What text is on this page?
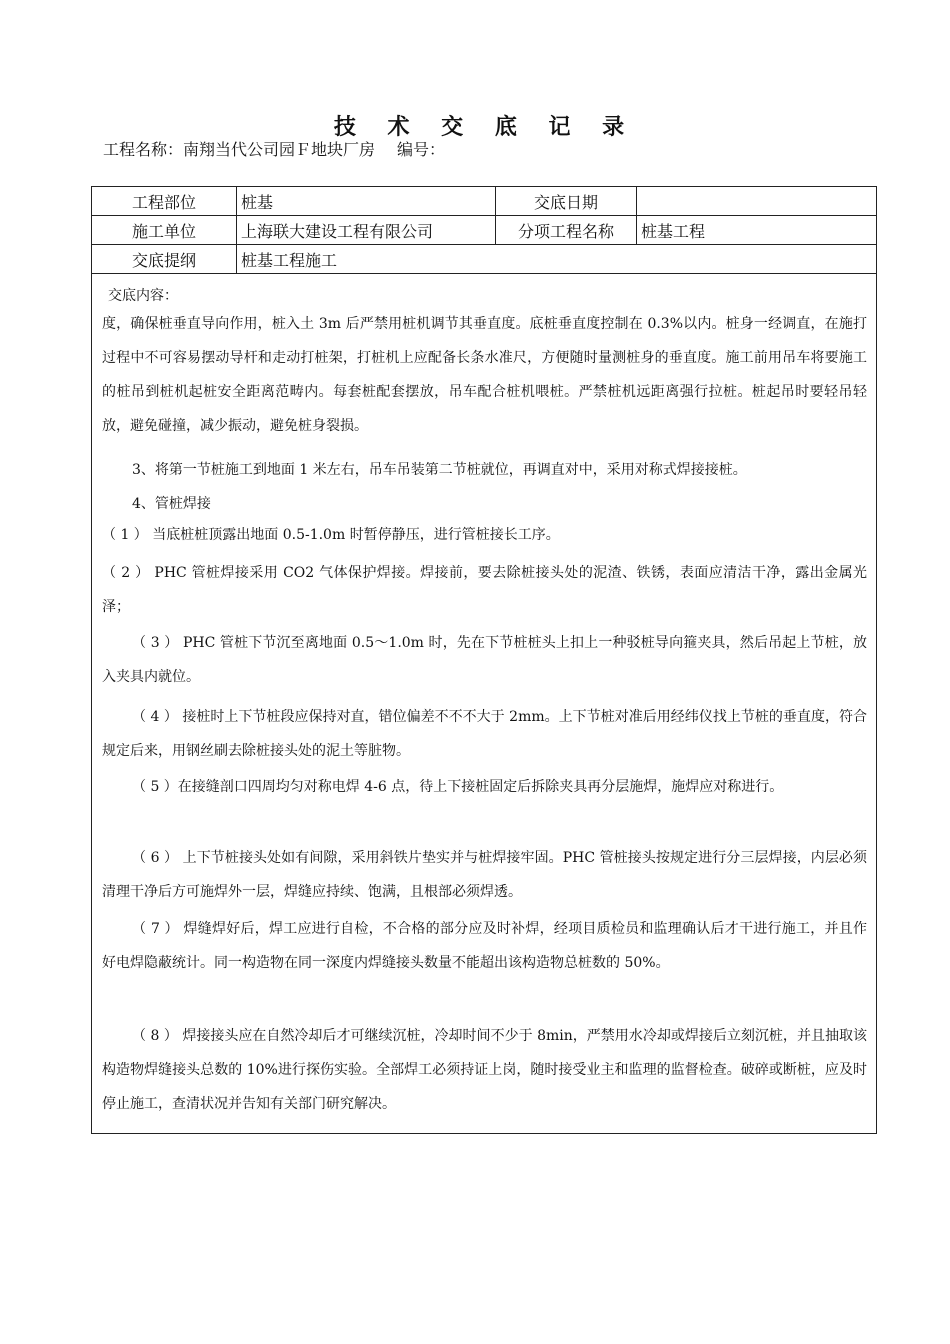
技 术 交 底 记 录
工程名称：南翔当代公司园Ｆ地块厂房 编号：
工程部位	桩基	交底日期	
施工单位	上海联大建设工程有限公司	分项工程名称	桩基工程
交底提纲	桩基工程施工		
交底内容：
度，确保桩垂直导向作用，桩入土 3m 后严禁用桩机调节其垂直度。底桩垂直度控制在 0.3%以内。桩身一经调直，在施打过程中不可容易摆动导杆和走动打桩架，打桩机上应配备长条水准尺，方便随时量测桩身的垂直度。施工前用吊车将要施工的桩吊到桩机起桩安全距离范畴内。每套桩配套摆放，吊车配合桩机喂桩。严禁桩机远距离强行拉桩。桩起吊时要轻吊轻放，避免碰撞，减少振动，避免桩身裂损。
3、将第一节桩施工到地面 1 米左右，吊车吊装第二节桩就位，再调直对中，采用对称式焊接接桩。
4、管桩焊接
（ 1 ） 当底桩桩顶露出地面 0.5-1.0m 时暂停静压，进行管桩接长工序。
（ 2 ） PHC 管桩焊接采用 CO2 气体保护焊接。焊接前，要去除桩接头处的泥渣、铁锈，表面应清洁干净，露出金属光泽；
（ 3 ） PHC 管桩下节沉至离地面 0.5～1.0m 时，先在下节桩桩头上扣上一种驳桩导向箍夹具，然后吊起上节桩，放入夹具内就位。
（ 4 ） 接桩时上下节桩段应保持对直，错位偏差不不不大于 2mm。上下节桩对准后用经纬仪找上节桩的垂直度，符合规定后来，用钢丝刷去除桩接头处的泥土等脏物。
（ 5 ）在接缝剖口四周均匀对称电焊 4-6 点，待上下接桩固定后拆除夹具再分层施焊，施焊应对称进行。
（ 6 ） 上下节桩接头处如有间隙，采用斜铁片垫实并与桩焊接牢固。PHC 管桩接头按规定进行分三层焊接，内层必须清理干净后方可施焊外一层，焊缝应持续、饱满，且根部必须焊透。
（ 7 ） 焊缝焊好后，焊工应进行自检，不合格的部分应及时补焊，经项目质检员和监理确认后才干进行施工，并且作好电焊隐蔽统计。同一构造物在同一深度内焊缝接头数量不能超出该构造物总桩数的 50%。
（ 8 ） 焊接接头应在自然冷却后才可继续沉桩，冷却时间不少于 8min，严禁用水冷却或焊接后立刻沉桩，并且抽取该构造物焊缝接头总数的 10%进行探伤实验。全部焊工必须持证上岗，随时接受业主和监理的监督检查。破碎或断桩，应及时停止施工，查清状况并告知有关部门研究解决。
